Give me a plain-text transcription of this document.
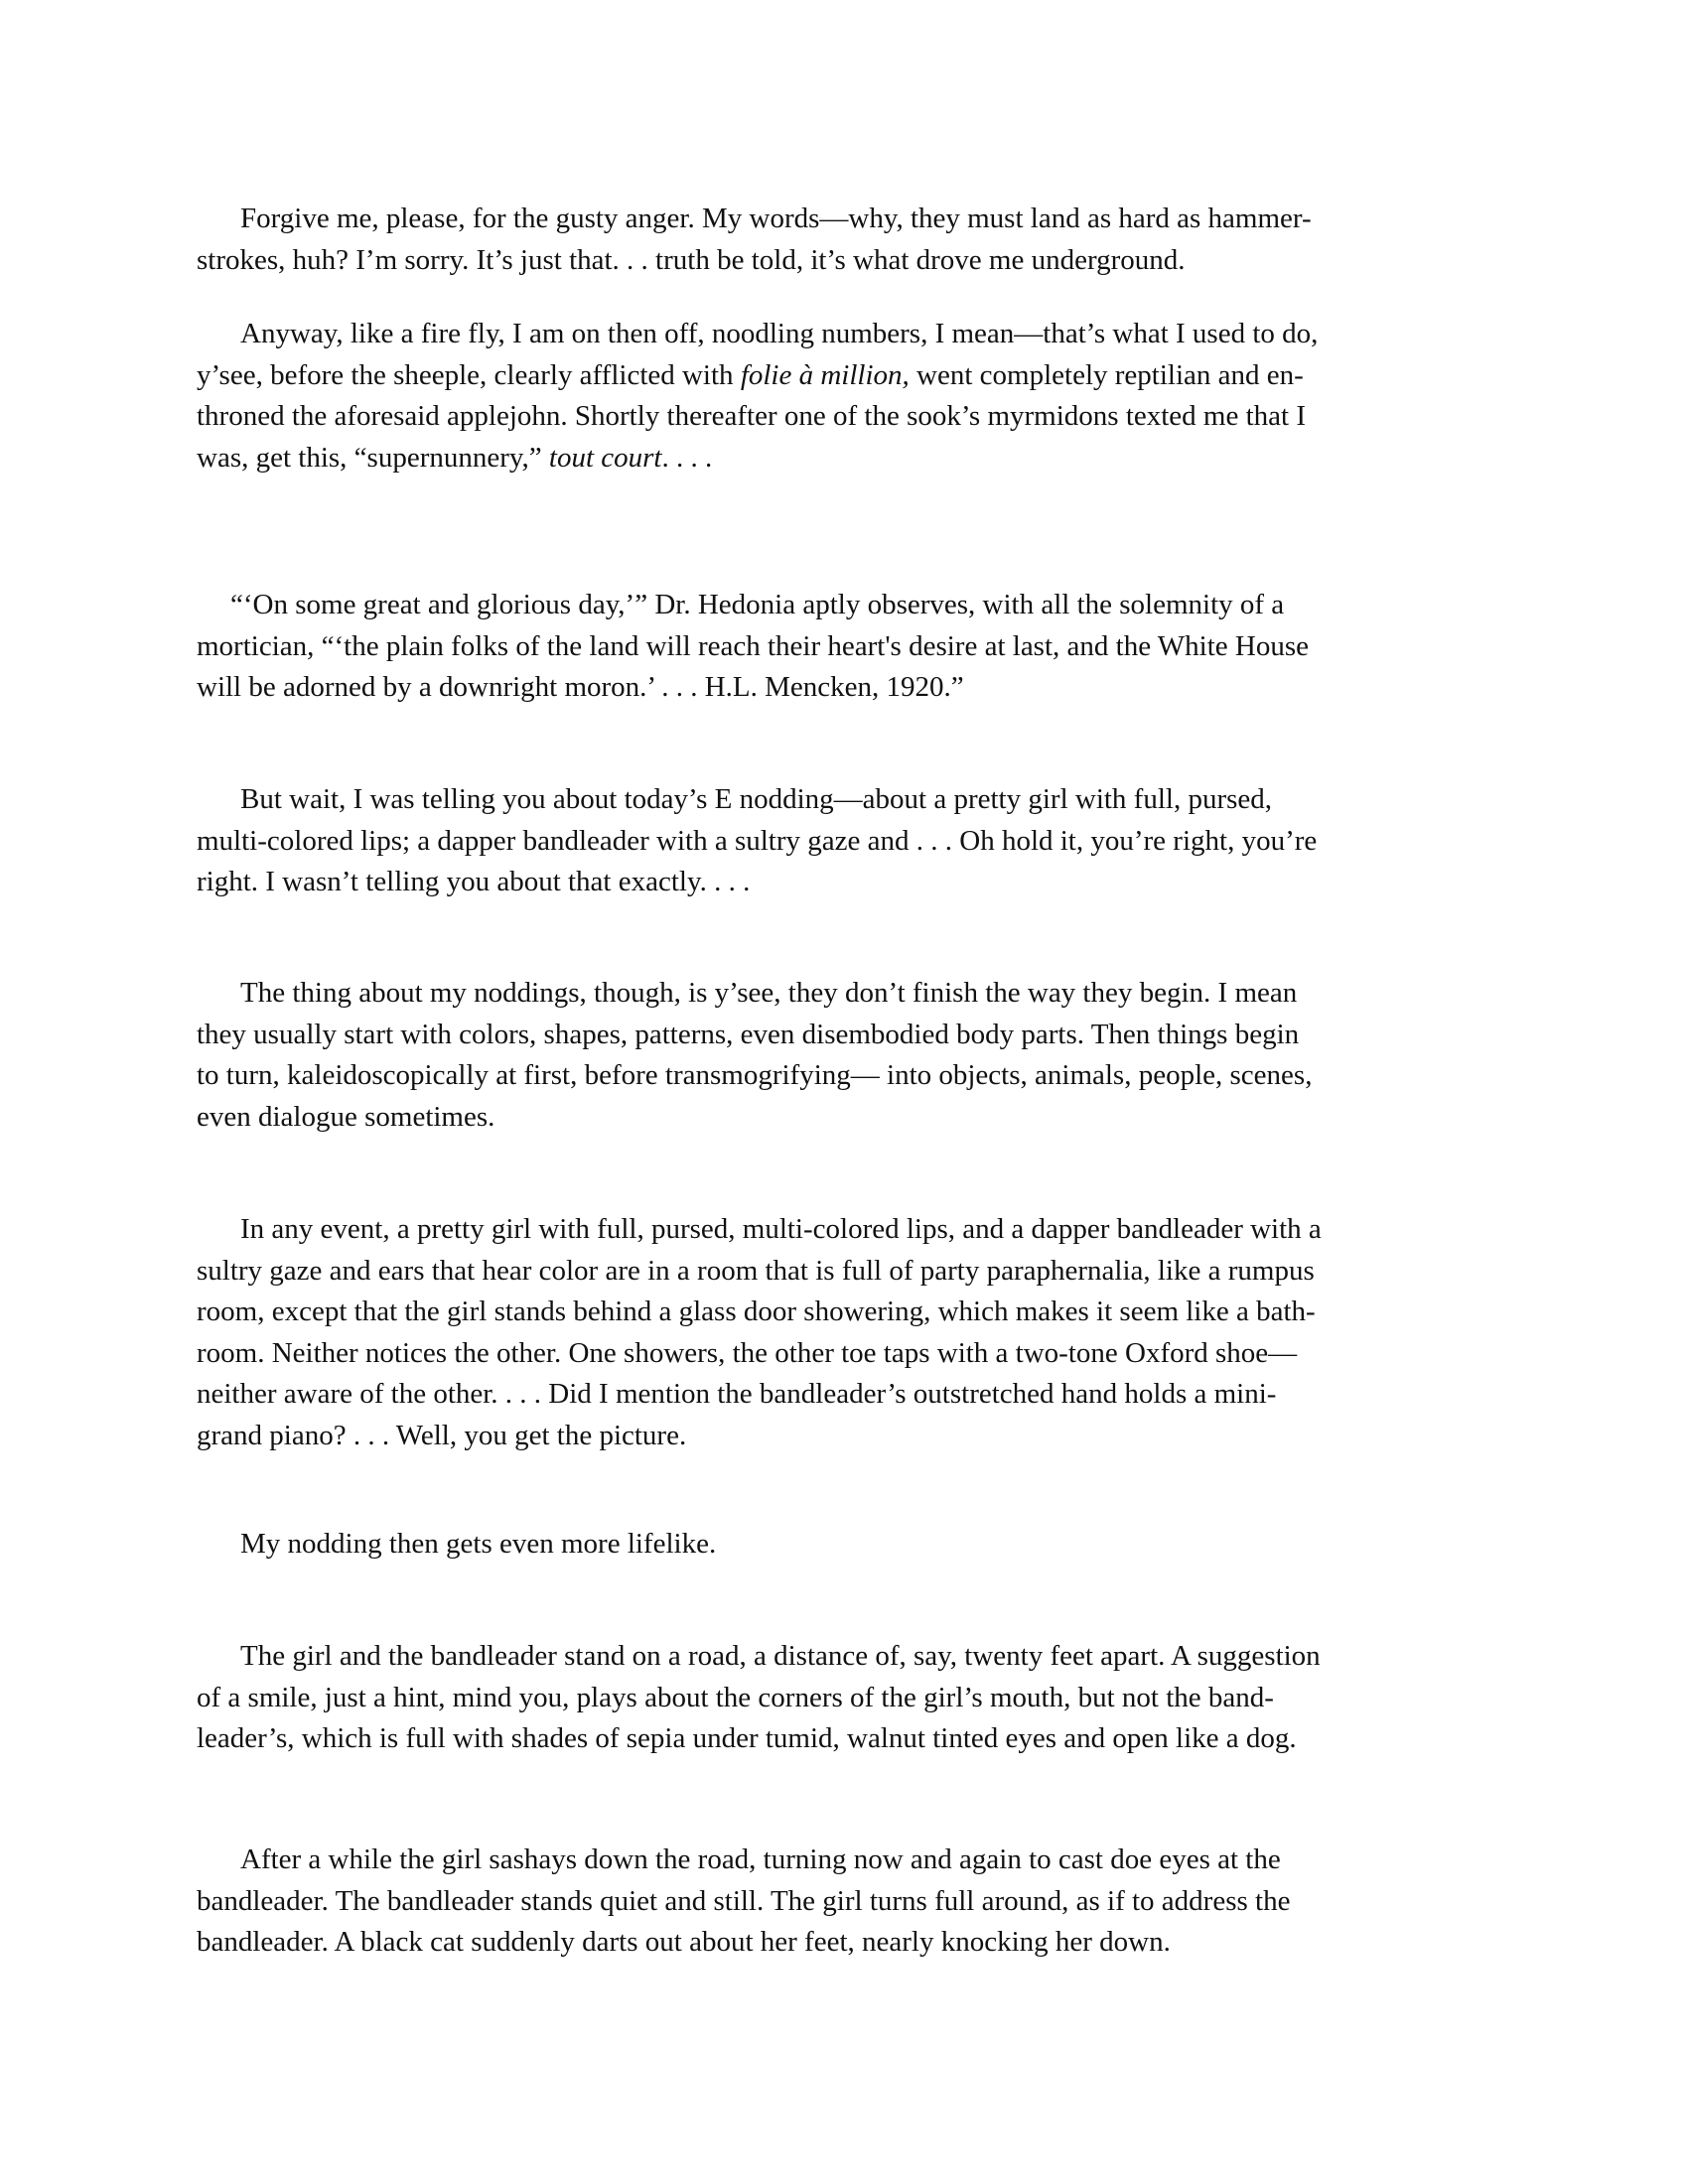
Forgive me, please, for the gusty anger. My words—why, they must land as hard as hammer-
strokes, huh? I’m sorry. It’s just that. . . truth be told, it’s what drove me underground.
Anyway, like a fire fly, I am on then off, noodling numbers, I mean—that’s what I used to do,
y’see, before the sheeple, clearly afflicted with folie à million, went completely reptilian and en-
throned the aforesaid applejohn. Shortly thereafter one of the sook’s myrmidons texted me that I
was, get this, “supernunnery,” tout court. . . .
“‘On some great and glorious day,’” Dr. Hedonia aptly observes, with all the solemnity of a
mortician, “‘the plain folks of the land will reach their heart's desire at last, and the White House
will be adorned by a downright moron.’ . . . H.L. Mencken, 1920.”
But wait, I was telling you about today’s E nodding—about a pretty girl with full, pursed,
multi-colored lips; a dapper bandleader with a sultry gaze and . . . Oh hold it, you’re right, you’re
right. I wasn’t telling you about that exactly. . . .
The thing about my noddings, though, is y’see, they don’t finish the way they begin. I mean
they usually start with colors, shapes, patterns, even disembodied body parts. Then things begin
to turn, kaleidoscopically at first, before transmogrifying— into objects, animals, people, scenes,
even dialogue sometimes.
In any event, a pretty girl with full, pursed, multi-colored lips, and a dapper bandleader with a
sultry gaze and ears that hear color are in a room that is full of party paraphernalia, like a rumpus
room, except that the girl stands behind a glass door showering, which makes it seem like a bath-
room. Neither notices the other. One showers, the other toe taps with a two-tone Oxford shoe—
neither aware of the other. . . . Did I mention the bandleader’s outstretched hand holds a mini-
grand piano? . . . Well, you get the picture.
My nodding then gets even more lifelike.
The girl and the bandleader stand on a road, a distance of, say, twenty feet apart. A suggestion
of a smile, just a hint, mind you, plays about the corners of the girl’s mouth, but not the band-
leader’s, which is full with shades of sepia under tumid, walnut tinted eyes and open like a dog.
After a while the girl sashays down the road, turning now and again to cast doe eyes at the
bandleader. The bandleader stands quiet and still. The girl turns full around, as if to address the
bandleader. A black cat suddenly darts out about her feet, nearly knocking her down.
